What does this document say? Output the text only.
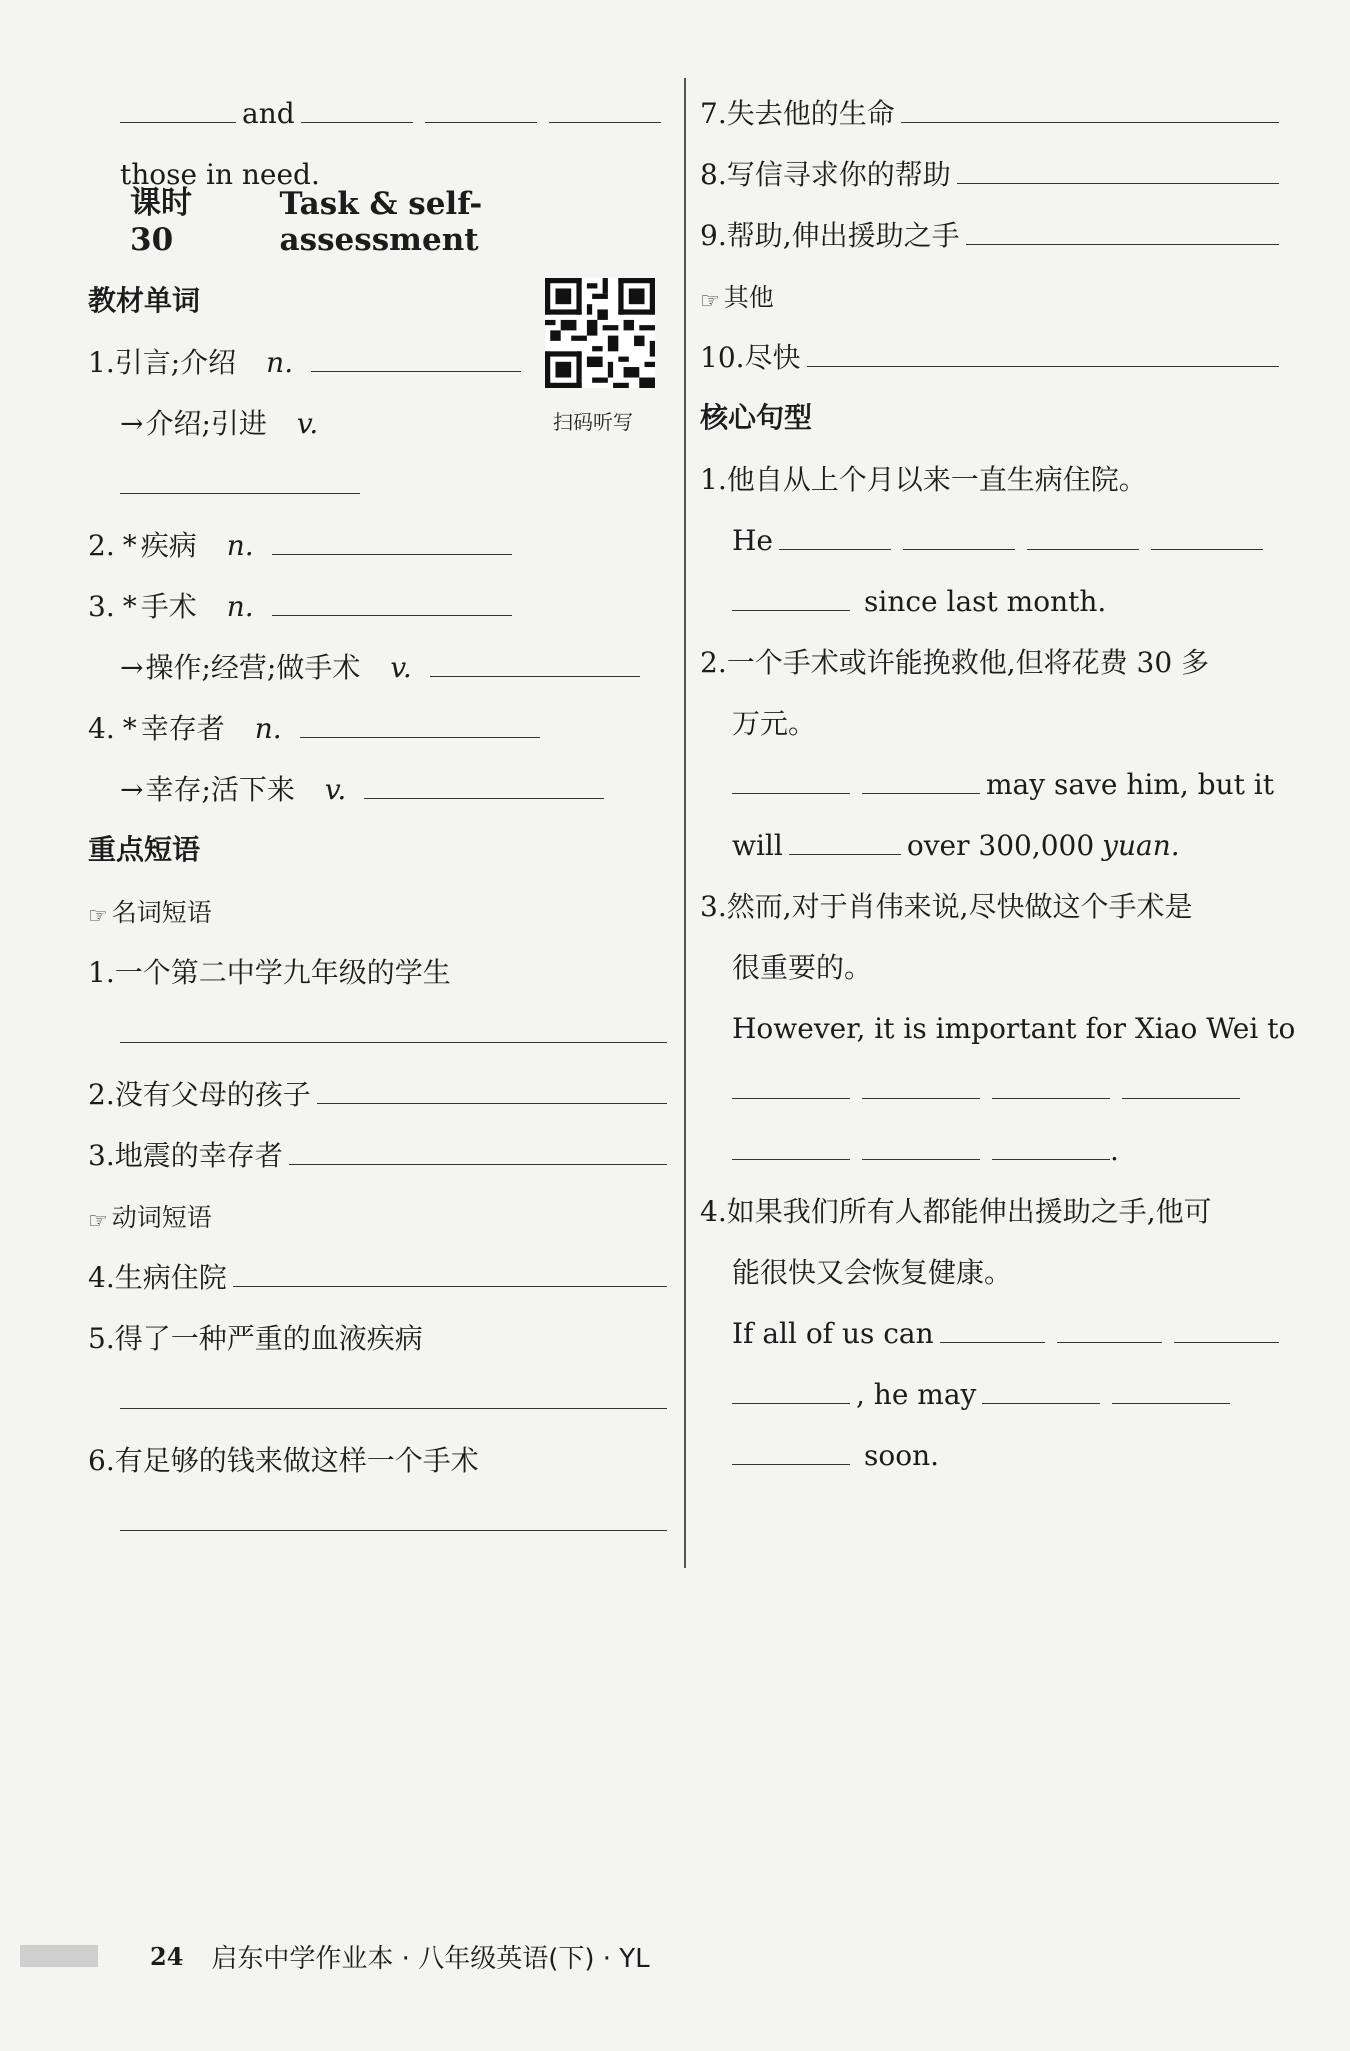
and
those in need.
课时 30
Task & self-assessment
教材单词
1. 引言;介绍 n.
→ 介绍;引进 v.
2. * 疾病 n.
3. * 手术 n.
→ 操作;经营;做手术 v.
4. * 幸存者 n.
→ 幸存;活下来 v.
重点短语
☞ 名词短语
1. 一个第二中学九年级的学生
2. 没有父母的孩子
3. 地震的幸存者
☞ 动词短语
4. 生病住院
5. 得了一种严重的血液疾病
6. 有足够的钱来做这样一个手术
扫码听写
7. 失去他的生命
8. 写信寻求你的帮助
9. 帮助,伸出援助之手
☞ 其他
10. 尽快
核心句型
1. 他自从上个月以来一直生病住院。
He
since last month.
2. 一个手术或许能挽救他,但将花费 30 多
万元。
may save him, but it
will	over 300,000 yuan.
3. 然而,对于肖伟来说,尽快做这个手术是
很重要的。
However, it is important for Xiao Wei to
.
4. 如果我们所有人都能伸出援助之手,他可
能很快又会恢复健康。
If all of us can
, he may
soon.
24 启东中学作业本 · 八年级英语(下) · YL
